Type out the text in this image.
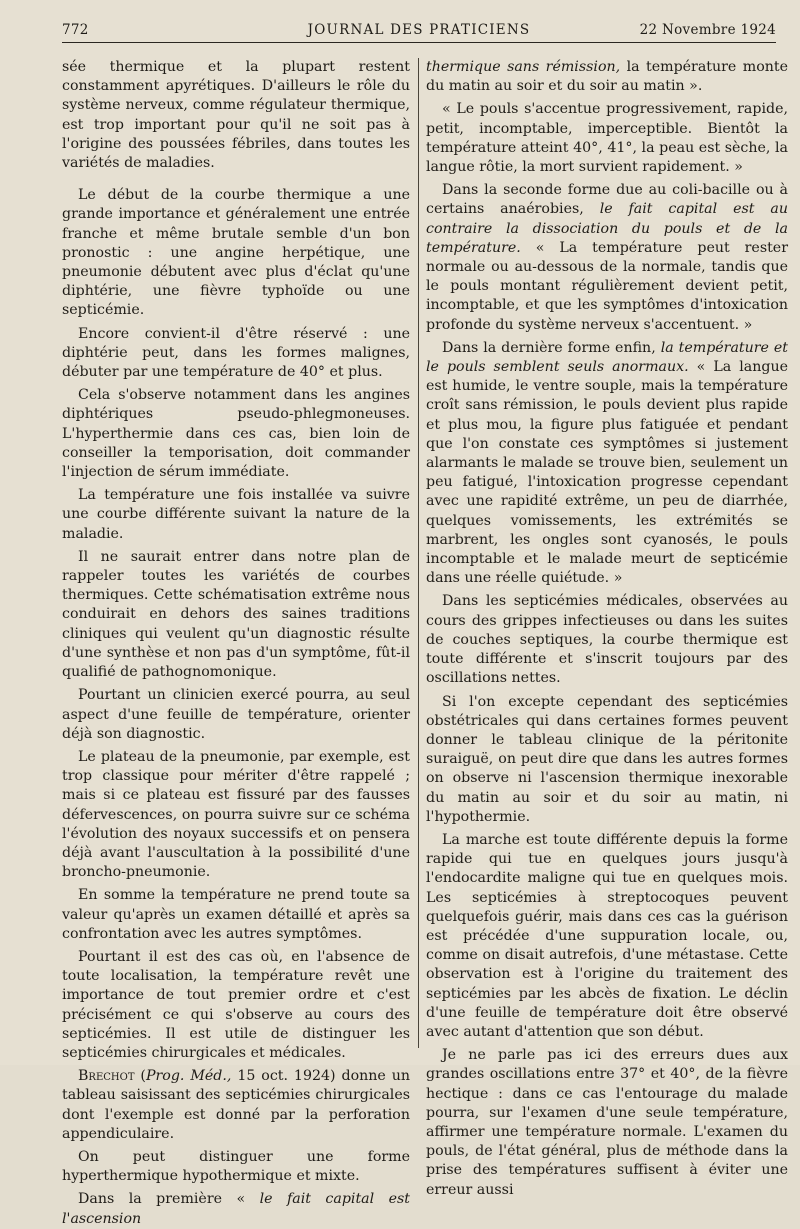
772	JOURNAL DES PRATICIENS	22 Novembre 1924

sée thermique et la plupart restent constamment apyrétiques. D'ailleurs le rôle du système nerveux, comme régulateur thermique, est trop important pour qu'il ne soit pas à l'origine des poussées fébriles, dans toutes les variétés de maladies.

Le début de la courbe thermique a une grande importance et généralement une entrée franche et même brutale semble d'un bon pronostic : une angine herpétique, une pneumonie débutent avec plus d'éclat qu'une diphtérie, une fièvre typhoïde ou une septicémie.

Encore convient-il d'être réservé : une diphtérie peut, dans les formes malignes, débuter par une température de 40° et plus.

Cela s'observe notamment dans les angines diphtériques pseudo-phlegmoneuses. L'hyperthermie dans ces cas, bien loin de conseiller la temporisation, doit commander l'injection de sérum immédiate.

La température une fois installée va suivre une courbe différente suivant la nature de la maladie.

Il ne saurait entrer dans notre plan de rappeler toutes les variétés de courbes thermiques. Cette schématisation extrême nous conduirait en dehors des saines traditions cliniques qui veulent qu'un diagnostic résulte d'une synthèse et non pas d'un symptôme, fût-il qualifié de pathognomonique.

Pourtant un clinicien exercé pourra, au seul aspect d'une feuille de température, orienter déjà son diagnostic.

Le plateau de la pneumonie, par exemple, est trop classique pour mériter d'être rappelé ; mais si ce plateau est fissuré par des fausses défervescences, on pourra suivre sur ce schéma l'évolution des noyaux successifs et on pensera déjà avant l'auscultation à la possibilité d'une broncho-pneumonie.

En somme la température ne prend toute sa valeur qu'après un examen détaillé et après sa confrontation avec les autres symptômes.

Pourtant il est des cas où, en l'absence de toute localisation, la température revêt une importance de tout premier ordre et c'est précisément ce qui s'observe au cours des septicémies. Il est utile de distinguer les septicémies chirurgicales et médicales.

Brechot (Prog. Méd., 15 oct. 1924) donne un tableau saisissant des septicémies chirurgicales dont l'exemple est donné par la perforation appendiculaire.

On peut distinguer une forme hyperthermique hypothermique et mixte.

Dans la première « le fait capital est l'ascension

thermique sans rémission, la température monte du matin au soir et du soir au matin ».

« Le pouls s'accentue progressivement, rapide, petit, incomptable, imperceptible. Bientôt la température atteint 40°, 41°, la peau est sèche, la langue rôtie, la mort survient rapidement. »

Dans la seconde forme due au coli-bacille ou à certains anaérobies, le fait capital est au contraire la dissociation du pouls et de la température. « La température peut rester normale ou au-dessous de la normale, tandis que le pouls montant régulièrement devient petit, incomptable, et que les symptômes d'intoxication profonde du système nerveux s'accentuent. »

Dans la dernière forme enfin, la température et le pouls semblent seuls anormaux. « La langue est humide, le ventre souple, mais la température croît sans rémission, le pouls devient plus rapide et plus mou, la figure plus fatiguée et pendant que l'on constate ces symptômes si justement alarmants le malade se trouve bien, seulement un peu fatigué, l'intoxication progresse cependant avec une rapidité extrême, un peu de diarrhée, quelques vomissements, les extrémités se marbrent, les ongles sont cyanosés, le pouls incomptable et le malade meurt de septicémie dans une réelle quiétude. »

Dans les septicémies médicales, observées au cours des grippes infectieuses ou dans les suites de couches septiques, la courbe thermique est toute différente et s'inscrit toujours par des oscillations nettes.

Si l'on excepte cependant des septicémies obstétricales qui dans certaines formes peuvent donner le tableau clinique de la péritonite suraiguë, on peut dire que dans les autres formes on observe ni l'ascension thermique inexorable du matin au soir et du soir au matin, ni l'hypothermie.

La marche est toute différente depuis la forme rapide qui tue en quelques jours jusqu'à l'endocardite maligne qui tue en quelques mois. Les septicémies à streptocoques peuvent quelquefois guérir, mais dans ces cas la guérison est précédée d'une suppuration locale, ou, comme on disait autrefois, d'une métastase. Cette observation est à l'origine du traitement des septicémies par les abcès de fixation. Le déclin d'une feuille de température doit être observé avec autant d'attention que son début.

Je ne parle pas ici des erreurs dues aux grandes oscillations entre 37° et 40°, de la fièvre hectique : dans ce cas l'entourage du malade pourra, sur l'examen d'une seule température, affirmer une température normale. L'examen du pouls, de l'état général, plus de méthode dans la prise des températures suffisent à éviter une erreur aussi
